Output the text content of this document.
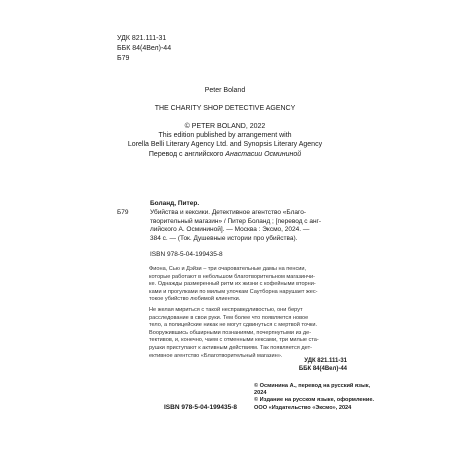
УДК 821.111-31
ББК 84(4Вел)-44
Б79
Peter Boland
THE CHARITY SHOP DETECTIVE AGENCY
© PETER BOLAND, 2022
This edition published by arrangement with
Lorella Belli Literary Agency Ltd. and Synopsis Literary Agency
Перевод с английского Анастасии Осмининой
Боланд, Питер.
Б79	Убийства и кексики. Детективное агентство «Благо-
творительный магазин» / Питер Боланд ; [перевод с анг-
лийского А. Осмининой]. — Москва : Эксмо, 2024. —
384 с. — (Ток. Душевные истории про убийства).
ISBN 978-5-04-199435-8
Фиона, Сью и Дэйзи – три очаровательные дамы на пенсии,
которые работают в небольшом благотворительном магазинчи-
ке. Однажды размеренный ритм их жизни с кофейными вторни-
ками и прогулками по милым улочкам Саутборна нарушает жес-
токое убийство любимой клиентки.
Не желая мириться с такой несправедливостью, они берут
расследование в свои руки. Тем более что появляется новое
тело, а полицейские никак не могут сдвинуться с мертвой точки.
Вооружившись обширными познаниями, почерпнутыми из де-
тективов, и, конечно, чаем с отменными кексами, три милые ста-
рушки приступают к активным действиям. Так появляется дет-
ективное агентство «Благотворительный магазин».
УДК 821.111-31
ББК 84(4Вел)-44
© Осминина А., перевод на русский язык,
2024
© Издание на русском языке, оформление.
ООО «Издательство «Эксмо», 2024
ISBN 978-5-04-199435-8
